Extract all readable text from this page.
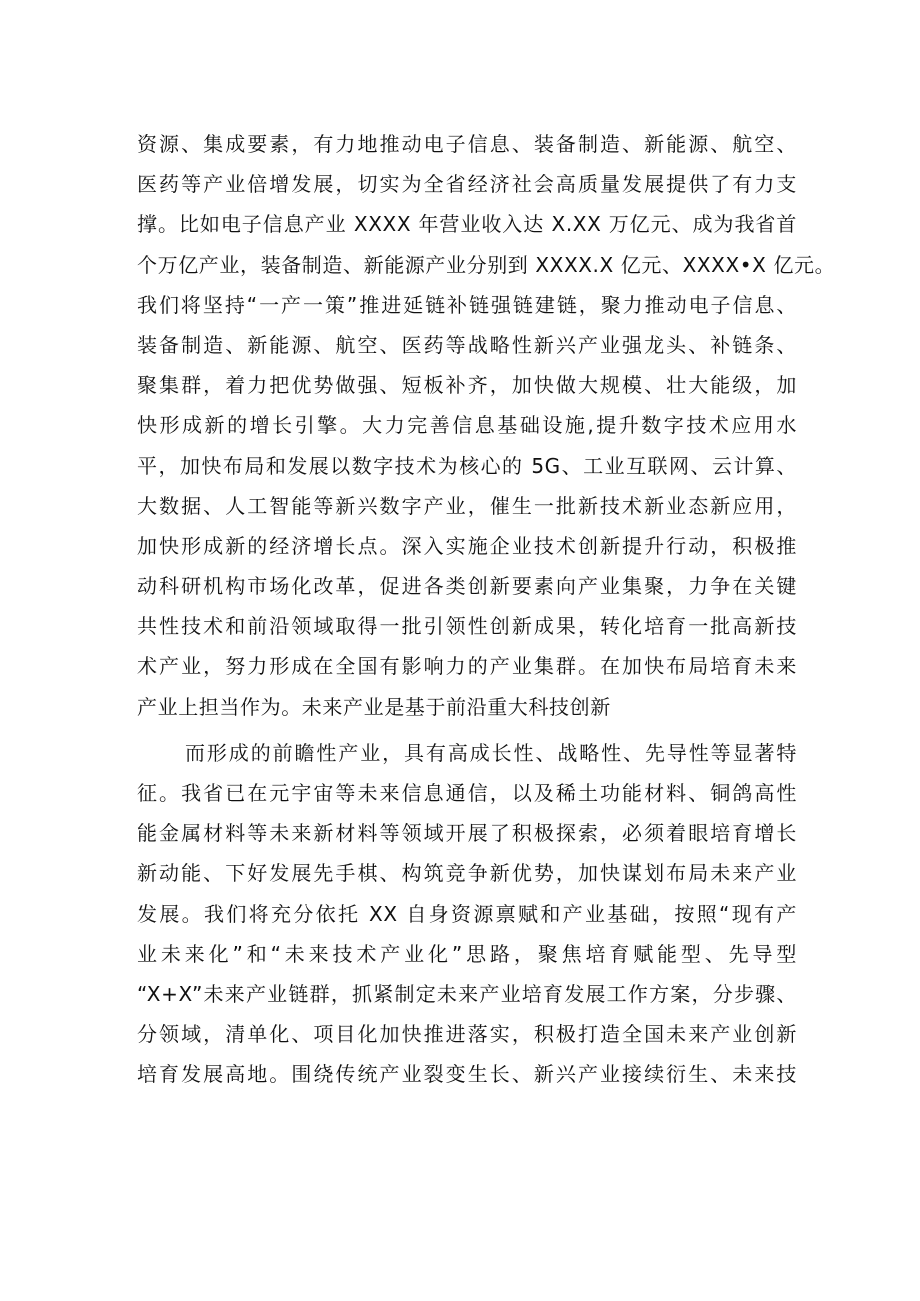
资源、集成要素，有力地推动电子信息、装备制造、新能源、航空、
医药等产业倍增发展，切实为全省经济社会高质量发展提供了有力支
撑。比如电子信息产业 XXXX 年营业收入达 X.XX 万亿元、成为我省首
个万亿产业，装备制造、新能源产业分别到 XXXX.X 亿元、XXXX•X 亿元。
我们将坚持“一产一策”推进延链补链强链建链，聚力推动电子信息、
装备制造、新能源、航空、医药等战略性新兴产业强龙头、补链条、
聚集群，着力把优势做强、短板补齐，加快做大规模、壮大能级，加
快形成新的增长引擎。大力完善信息基础设施,提升数字技术应用水
平，加快布局和发展以数字技术为核心的 5G、工业互联网、云计算、
大数据、人工智能等新兴数字产业，催生一批新技术新业态新应用，
加快形成新的经济增长点。深入实施企业技术创新提升行动，积极推
动科研机构市场化改革，促进各类创新要素向产业集聚，力争在关键
共性技术和前沿领域取得一批引领性创新成果，转化培育一批高新技
术产业，努力形成在全国有影响力的产业集群。在加快布局培育未来
产业上担当作为。未来产业是基于前沿重大科技创新
而形成的前瞻性产业，具有高成长性、战略性、先导性等显著特
征。我省已在元宇宙等未来信息通信，以及稀土功能材料、铜鸽高性
能金属材料等未来新材料等领域开展了积极探索，必须着眼培育增长
新动能、下好发展先手棋、构筑竞争新优势，加快谋划布局未来产业
发展。我们将充分依托 XX 自身资源禀赋和产业基础，按照“现有产
业未来化”和“未来技术产业化”思路，聚焦培育赋能型、先导型
“X+X”未来产业链群，抓紧制定未来产业培育发展工作方案，分步骤、
分领域，清单化、项目化加快推进落实，积极打造全国未来产业创新
培育发展高地。围绕传统产业裂变生长、新兴产业接续衍生、未来技
